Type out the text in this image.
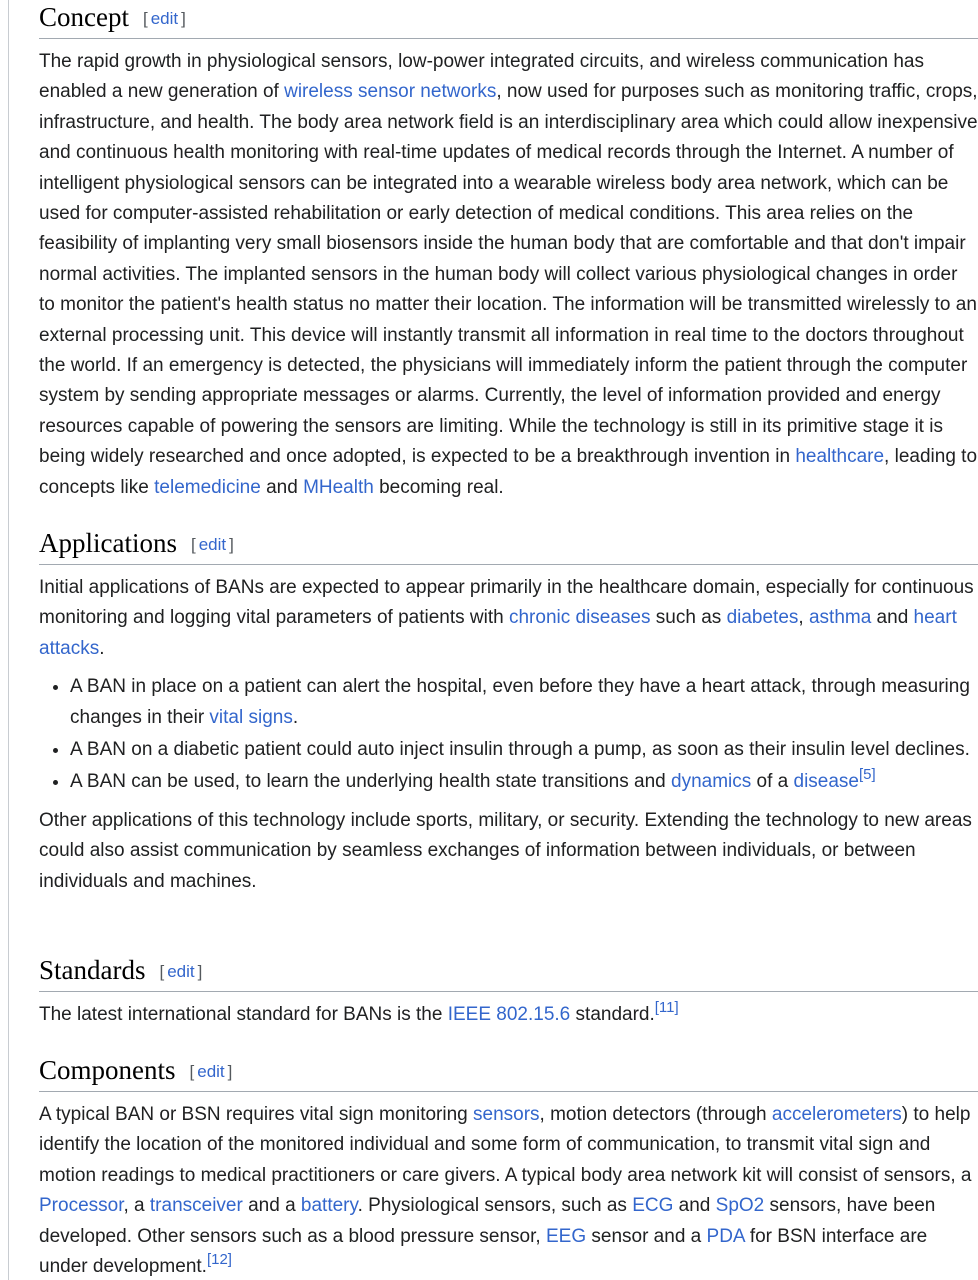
Concept [ edit ]

The rapid growth in physiological sensors, low-power integrated circuits, and wireless communication has enabled a new generation of wireless sensor networks, now used for purposes such as monitoring traffic, crops, infrastructure, and health. The body area network field is an interdisciplinary area which could allow inexpensive and continuous health monitoring with real-time updates of medical records through the Internet. A number of intelligent physiological sensors can be integrated into a wearable wireless body area network, which can be used for computer-assisted rehabilitation or early detection of medical conditions. This area relies on the feasibility of implanting very small biosensors inside the human body that are comfortable and that don't impair normal activities. The implanted sensors in the human body will collect various physiological changes in order to monitor the patient's health status no matter their location. The information will be transmitted wirelessly to an external processing unit. This device will instantly transmit all information in real time to the doctors throughout the world. If an emergency is detected, the physicians will immediately inform the patient through the computer system by sending appropriate messages or alarms. Currently, the level of information provided and energy resources capable of powering the sensors are limiting. While the technology is still in its primitive stage it is being widely researched and once adopted, is expected to be a breakthrough invention in healthcare, leading to concepts like telemedicine and MHealth becoming real.

Applications [ edit ]

Initial applications of BANs are expected to appear primarily in the healthcare domain, especially for continuous monitoring and logging vital parameters of patients with chronic diseases such as diabetes, asthma and heart attacks.

• A BAN in place on a patient can alert the hospital, even before they have a heart attack, through measuring changes in their vital signs.
• A BAN on a diabetic patient could auto inject insulin through a pump, as soon as their insulin level declines.
• A BAN can be used, to learn the underlying health state transitions and dynamics of a disease[5]

Other applications of this technology include sports, military, or security. Extending the technology to new areas could also assist communication by seamless exchanges of information between individuals, or between individuals and machines.

Standards [ edit ]

The latest international standard for BANs is the IEEE 802.15.6 standard.[11]

Components [ edit ]

A typical BAN or BSN requires vital sign monitoring sensors, motion detectors (through accelerometers) to help identify the location of the monitored individual and some form of communication, to transmit vital sign and motion readings to medical practitioners or care givers. A typical body area network kit will consist of sensors, a Processor, a transceiver and a battery. Physiological sensors, such as ECG and SpO2 sensors, have been developed. Other sensors such as a blood pressure sensor, EEG sensor and a PDA for BSN interface are under development.[12]
